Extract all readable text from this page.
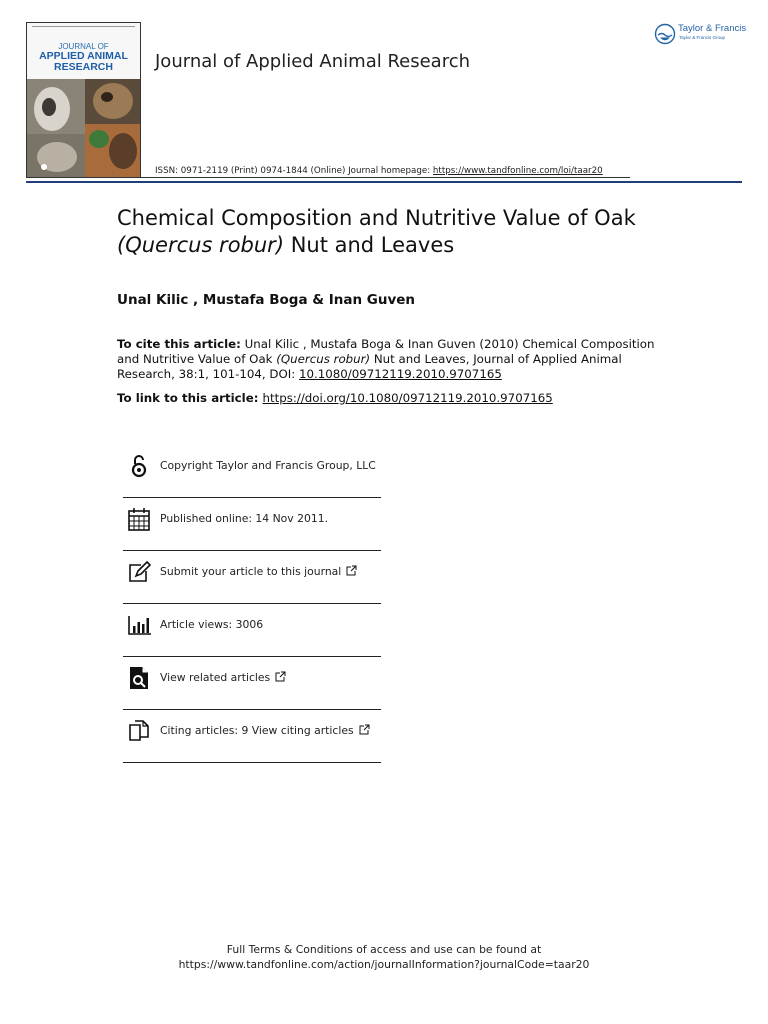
JOURNAL OF
APPLIED ANIMAL
RESEARCH	Journal of Applied Animal Research
Taylor & Francis
Taylor & Francis Group
ISSN: 0971-2119 (Print) 0974-1844 (Online) Journal homepage: https://www.tandfonline.com/loi/taar20
Chemical Composition and Nutritive Value of Oak
(Quercus robur) Nut and Leaves
Unal Kilic , Mustafa Boga & Inan Guven
To cite this article: Unal Kilic , Mustafa Boga & Inan Guven (2010) Chemical Composition and Nutritive Value of Oak (Quercus robur) Nut and Leaves, Journal of Applied Animal Research, 38:1, 101-104, DOI: 10.1080/09712119.2010.9707165
To link to this article: https://doi.org/10.1080/09712119.2010.9707165
Copyright Taylor and Francis Group, LLC
Published online: 14 Nov 2011.
Submit your article to this journal
Article views: 3006
View related articles
Citing articles: 9 View citing articles
Full Terms & Conditions of access and use can be found at
https://www.tandfonline.com/action/journalInformation?journalCode=taar20
